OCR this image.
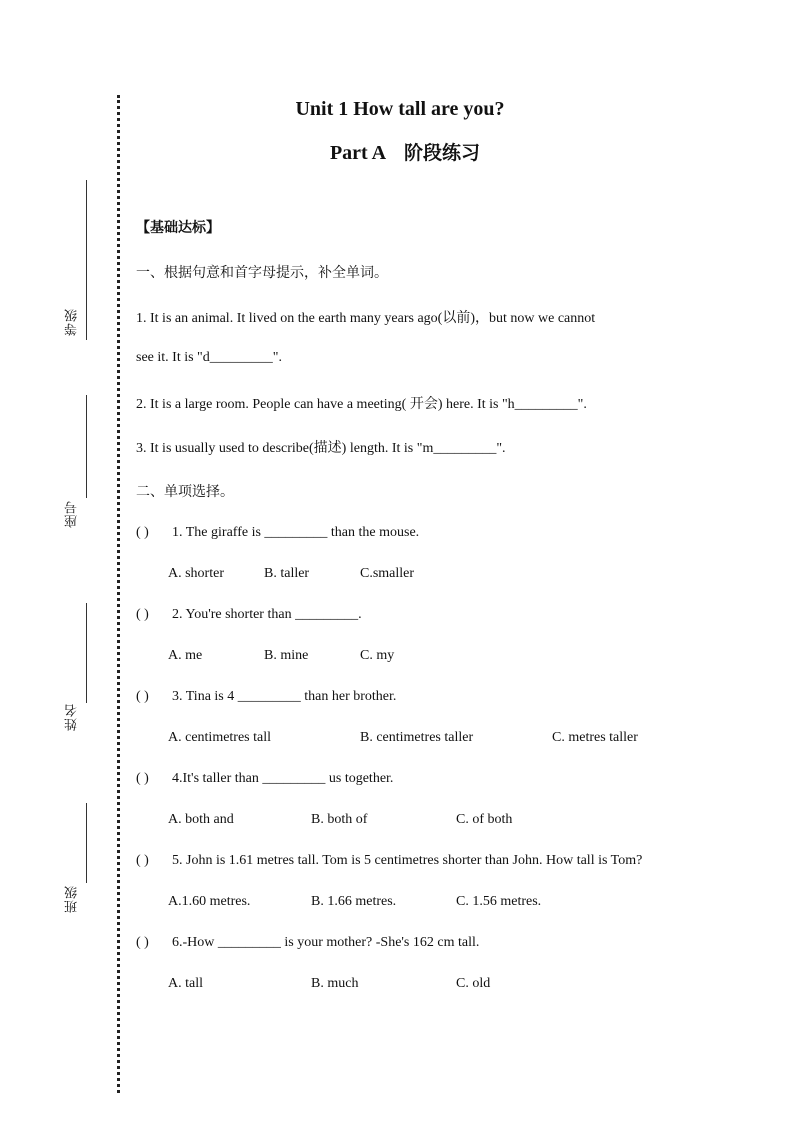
等级
座号
姓名
班级
Unit 1 How tall are you?
Part A 阶段练习
【基础达标】
一、根据句意和首字母提示，补全单词。
1. It is an animal. It lived on the earth many years ago(以前)，but now we cannot
see it. It is "d_________".
2. It is a large room. People can have a meeting( 开会) here. It is "h_________".
3. It is usually used to describe(描述) length. It is "m_________".
二、单项选择。
( ) 1. The giraffe is _________ than the mouse.
A. shorter	B. taller	C.smaller
( ) 2. You're shorter than _________.
A. me	B. mine	C. my
( ) 3. Tina is 4 _________ than her brother.
A. centimetres tall	B. centimetres taller	C. metres taller
( ) 4.It's taller than _________ us together.
A. both and	B. both of	C. of both
( ) 5. John is 1.61 metres tall. Tom is 5 centimetres shorter than John. How tall is Tom?
A.1.60 metres.	B. 1.66 metres.	C. 1.56 metres.
( ) 6.-How _________ is your mother? -She's 162 cm tall.
A. tall	B. much	C. old
